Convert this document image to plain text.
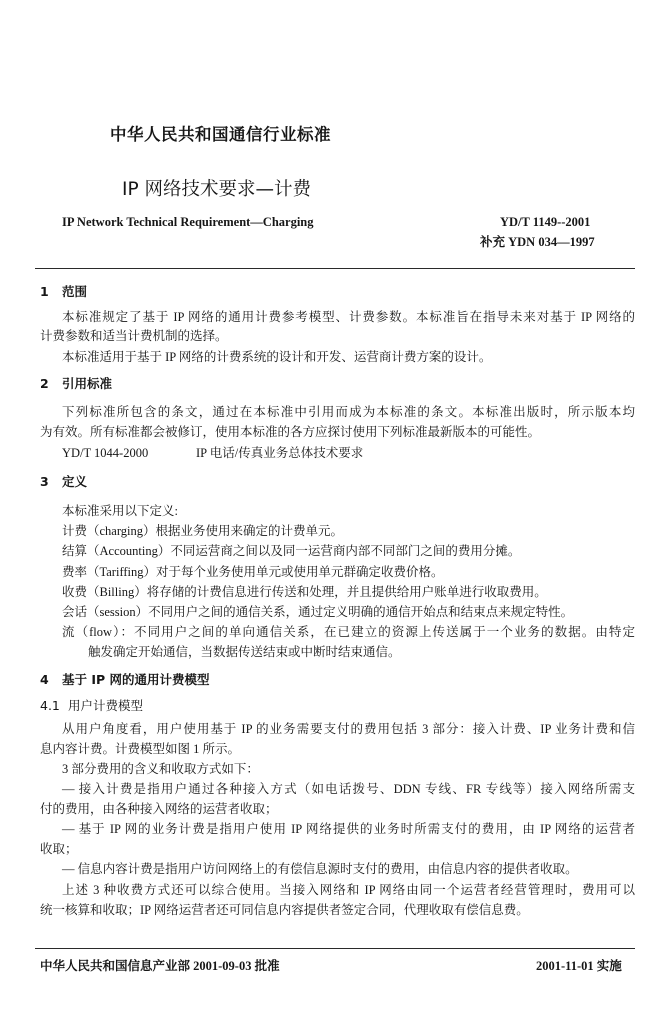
中华人民共和国通信行业标准
IP 网络技术要求—计费
IP Network Technical Requirement—Charging	YD/T 1149--2001
补充 YDN 034—1997
1 范围
本标准规定了基于 IP 网络的通用计费参考模型、计费参数。本标准旨在指导未来对基于 IP 网络的
计费参数和适当计费机制的选择。
本标准适用于基于 IP 网络的计费系统的设计和开发、运营商计费方案的设计。
2 引用标准
下列标准所包含的条文，通过在本标准中引用而成为本标准的条文。本标准出版时，所示版本均
为有效。所有标准都会被修订，使用本标准的各方应探讨使用下列标准最新版本的可能性。
YD/T 1044-2000	IP 电话/传真业务总体技术要求
3 定义
本标准采用以下定义:
计费（charging）根据业务使用来确定的计费单元。
结算（Accounting）不同运营商之间以及同一运营商内部不同部门之间的费用分摊。
费率（Tariffing）对于每个业务使用单元或使用单元群确定收费价格。
收费（Billing）将存储的计费信息进行传送和处理，并且提供给用户账单进行收取费用。
会话（session）不同用户之间的通信关系，通过定义明确的通信开始点和结束点来规定特性。
流（flow）：不同用户之间的单向通信关系，在已建立的资源上传送属于一个业务的数据。由特定
触发确定开始通信，当数据传送结束或中断时结束通信。
4 基于 IP 网的通用计费模型
4.1 用户计费模型
从用户角度看，用户使用基于 IP 的业务需要支付的费用包括 3 部分：接入计费、IP 业务计费和信
息内容计费。计费模型如图 1 所示。
3 部分费用的含义和收取方式如下：
— 接入计费是指用户通过各种接入方式（如电话拨号、DDN 专线、FR 专线等）接入网络所需支
付的费用，由各种接入网络的运营者收取；
— 基于 IP 网的业务计费是指用户使用 IP 网络提供的业务时所需支付的费用，由 IP 网络的运营者
收取；
— 信息内容计费是指用户访问网络上的有偿信息源时支付的费用，由信息内容的提供者收取。
上述 3 种收费方式还可以综合使用。当接入网络和 IP 网络由同一个运营者经营管理时，费用可以
统一核算和收取；IP 网络运营者还可同信息内容提供者签定合同，代理收取有偿信息费。
中华人民共和国信息产业部 2001-09-03 批准	2001-11-01 实施
